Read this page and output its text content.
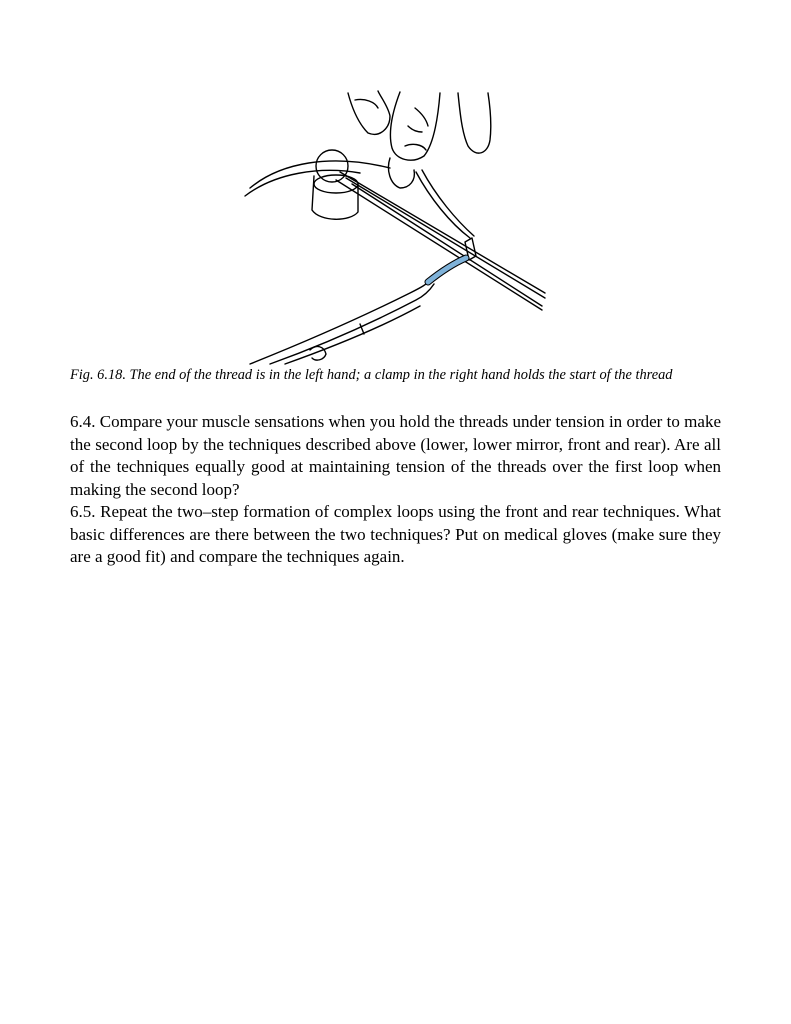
Fig. 6.18. The end of the thread is in the left hand; a clamp in the right hand holds the start of the thread

6.4. Compare your muscle sensations when you hold the threads under tension in order to make the second loop by the techniques described above (lower, lower mirror, front and rear). Are all of the techniques equally good at maintaining tension of the threads over the first loop when making the second loop?

6.5. Repeat the two–step formation of complex loops using the front and rear techniques. What basic differences are there between the two techniques? Put on medical gloves (make sure they are a good fit) and compare the techniques again.
